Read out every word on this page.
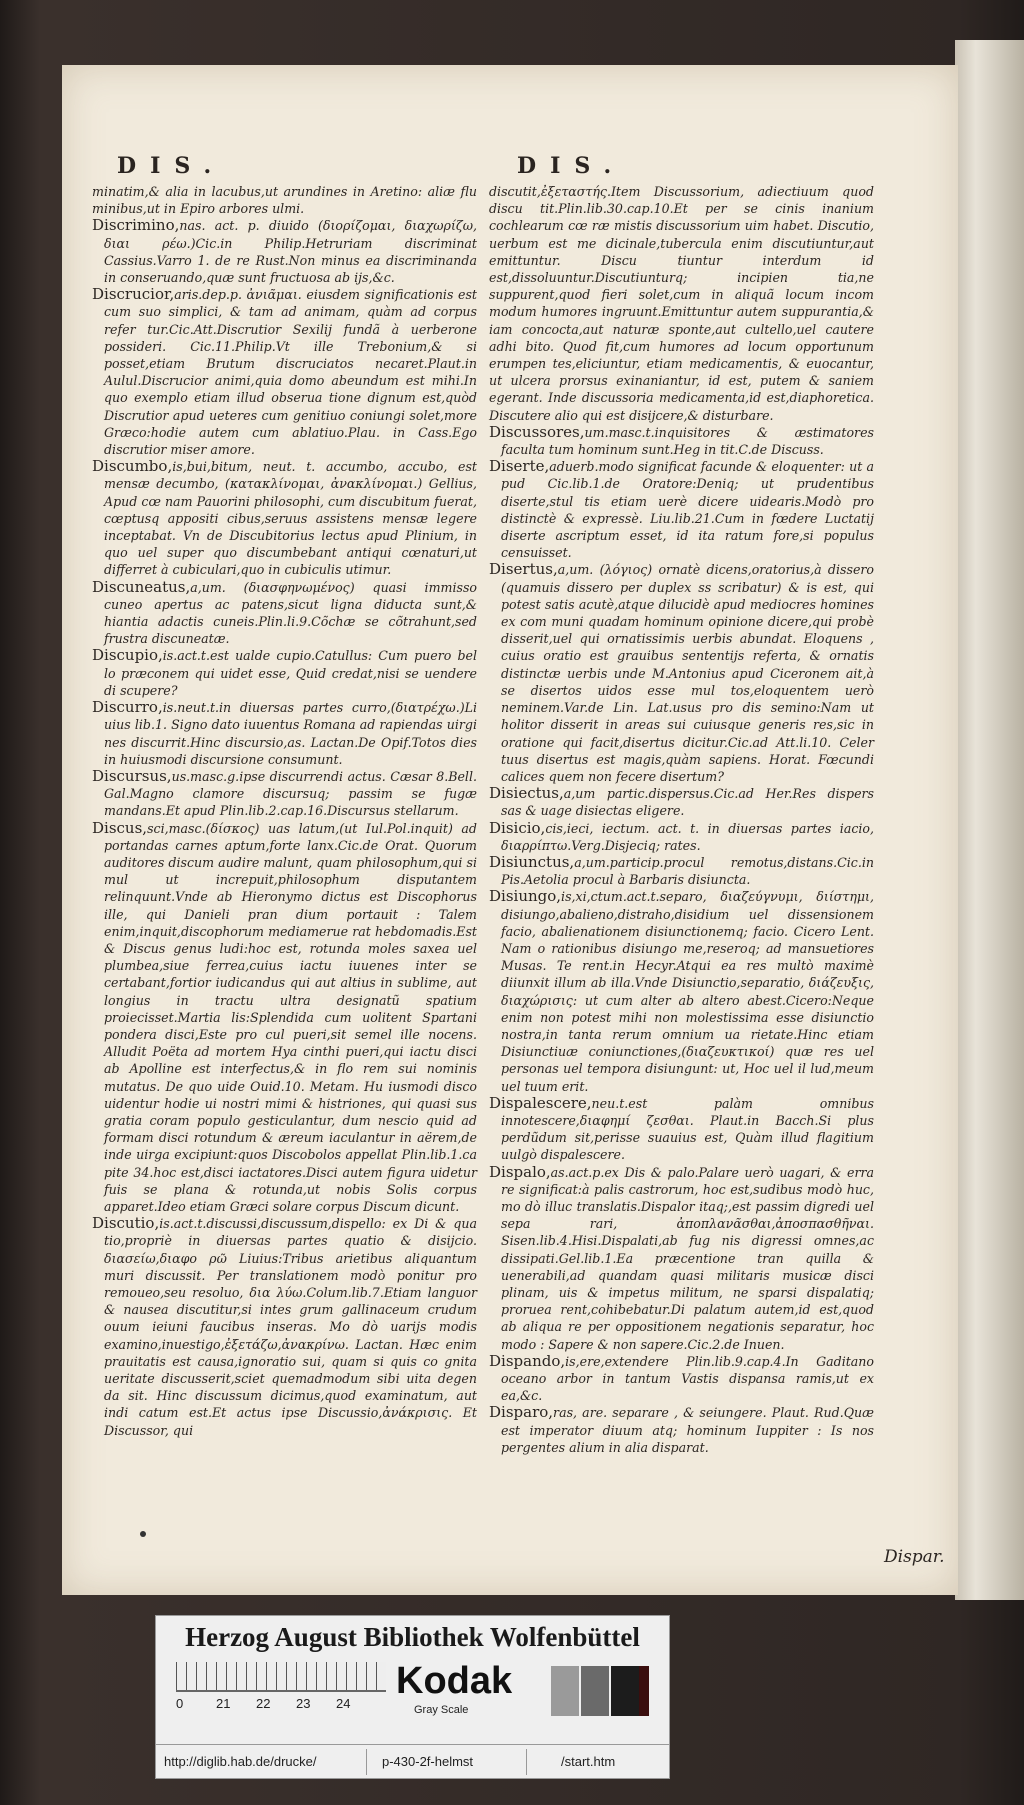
DIS.	DIS.
minatim,& alia in lacubus,ut arundines in Aretino: aliæ flu minibus,ut in Epiro arbores ulmi.
Discrimino,nas. act. p. diuido (διορίζομαι, διαχωρίζω, διαι ρέω.)Cic.in Philip.Hetruriam discriminat Cassius.Varro 1. de re Rust.Non minus ea discriminanda in conseruando,quæ sunt fructuosa ab ijs,&c.
Discrucior,aris.dep.p. ἀνιᾶμαι. eiusdem significationis est cum suo simplici, & tam ad animam, quàm ad corpus refer tur.Cic.Att.Discrutior Sexilij fundã à uerberone possideri. Cic.11.Philip.Vt ille Trebonium,& si posset,etiam Brutum discruciatos necaret.Plaut.in Aulul.Discrucior animi,quia domo abeundum est mihi.In quo exemplo etiam illud obserua tione dignum est,quòd Discrutior apud ueteres cum genitiuo coniungi solet,more Græco:hodie autem cum ablatiuo.Plau. in Cass.Ego discrutior miser amore.
Discumbo,is,bui,bitum, neut. t. accumbo, accubo, est mensæ decumbo, (κατακλίνομαι, ἀνακλίνομαι.) Gellius, Apud cœ nam Pauorini philosophi, cum discubitum fuerat, cœptusq appositi cibus,seruus assistens mensæ legere inceptabat. Vn de Discubitorius lectus apud Plinium, in quo uel super quo discumbebant antiqui cœnaturi,ut differret à cubiculari,quo in cubiculis utimur.
Discuneatus,a,um. (διασφηνωμένος) quasi immisso cuneo apertus ac patens,sicut ligna diducta sunt,& hiantia adactis cuneis.Plin.li.9.Cõchæ se cõtrahunt,sed frustra discuneatæ.
Discupio,is.act.t.est ualde cupio.Catullus: Cum puero bel lo præconem qui uidet esse, Quid credat,nisi se uendere di scupere?
Discurro,is.neut.t.in diuersas partes curro,(διατρέχω.)Li uius lib.1. Signo dato iuuentus Romana ad rapiendas uirgi nes discurrit.Hinc discursio,as. Lactan.De Opif.Totos dies in huiusmodi discursione consumunt.
Discursus,us.masc.g.ipse discurrendi actus. Cæsar 8.Bell. Gal.Magno clamore discursuq; passim se fugæ mandans.Et apud Plin.lib.2.cap.16.Discursus stellarum.
Discus,sci,masc.(δίσκος) uas latum,(ut Iul.Pol.inquit) ad portandas carnes aptum,forte lanx.Cic.de Orat. Quorum auditores discum audire malunt, quam philosophum,qui si mul ut increpuit,philosophum disputantem relinquunt.Vnde ab Hieronymo dictus est Discophorus ille, qui Danieli pran dium portauit : Talem enim,inquit,discophorum mediamerue rat hebdomadis.Est & Discus genus ludi:hoc est, rotunda moles saxea uel plumbea,siue ferrea,cuius iactu iuuenes inter se certabant,fortior iudicandus qui aut altius in sublime, aut longius in tractu ultra designatũ spatium proiecisset.Martia lis:Splendida cum uolitent Spartani pondera disci,Este pro cul pueri,sit semel ille nocens. Alludit Poëta ad mortem Hya cinthi pueri,qui iactu disci ab Apolline est interfectus,& in flo rem sui nominis mutatus. De quo uide Ouid.10. Metam. Hu iusmodi disco uidentur hodie ui nostri mimi & histriones, qui quasi sus gratia coram populo gesticulantur, dum nescio quid ad formam disci rotundum & æreum iaculantur in aërem,de inde uirga excipiunt:quos Discobolos appellat Plin.lib.1.ca pite 34.hoc est,disci iactatores.Disci autem figura uidetur fuis se plana & rotunda,ut nobis Solis corpus apparet.Ideo etiam Græci solare corpus Discum dicunt.
Discutio,is.act.t.discussi,discussum,dispello: ex Di & qua tio,propriè in diuersas partes quatio & disijcio. διασείω,διαφο ρῶ Liuius:Tribus arietibus aliquantum muri discussit. Per translationem modò ponitur pro remoueo,seu resoluo, δια λύω.Colum.lib.7.Etiam languor & nausea discutitur,si intes grum gallinaceum crudum ouum ieiuni faucibus inseras. Mo dò uarijs modis examino,inuestigo,ἐξετάζω,ἀνακρίνω. Lactan. Hæc enim prauitatis est causa,ignoratio sui, quam si quis co gnita ueritate discusserit,sciet quemadmodum sibi uita degen da sit. Hinc discussum dicimus,quod examinatum, aut indi catum est.Et actus ipse Discussio,ἀνάκρισις. Et Discussor, qui
discutit,ἐξεταστής.Item Discussorium, adiectiuum quod discu tit.Plin.lib.30.cap.10.Et per se cinis inanium cochlearum cœ ræ mistis discussorium uim habet. Discutio, uerbum est me dicinale,tubercula enim discutiuntur,aut emittuntur. Discu tiuntur interdum id est,dissoluuntur.Discutiunturq; incipien tia,ne suppurent,quod fieri solet,cum in aliquã locum incom modum humores ingruunt.Emittuntur autem suppurantia,& iam concocta,aut naturæ sponte,aut cultello,uel cautere adhi bito. Quod fit,cum humores ad locum opportunum erumpen tes,eliciuntur, etiam medicamentis, & euocantur, ut ulcera prorsus exinaniantur, id est, putem & saniem egerant. Inde discussoria medicamenta,id est,diaphoretica. Discutere alio qui est disijcere,& disturbare.
Discussores,um.masc.t.inquisitores & æstimatores faculta tum hominum sunt.Heg in tit.C.de Discuss.
Diserte,aduerb.modo significat facunde & eloquenter: ut a pud Cic.lib.1.de Oratore:Deniq; ut prudentibus diserte,stul tis etiam uerè dicere uidearis.Modò pro distinctè & expressè. Liu.lib.21.Cum in fœdere Luctatij diserte ascriptum esset, id ita ratum fore,si populus censuisset.
Disertus,a,um. (λόγιος) ornatè dicens,oratorius,à dissero (quamuis dissero per duplex ss scribatur) & is est, qui potest satis acutè,atque dilucidè apud mediocres homines ex com muni quadam hominum opinione dicere,qui probè disserit,uel qui ornatissimis uerbis abundat. Eloquens , cuius oratio est grauibus sententijs referta, & ornatis distinctæ uerbis unde M.Antonius apud Ciceronem ait,à se disertos uidos esse mul tos,eloquentem uerò neminem.Var.de Lin. Lat.usus pro dis semino:Nam ut holitor disserit in areas sui cuiusque generis res,sic in oratione qui facit,disertus dicitur.Cic.ad Att.li.10. Celer tuus disertus est magis,quàm sapiens. Horat. Fœcundi calices quem non fecere disertum?
Disiectus,a,um partic.dispersus.Cic.ad Her.Res dispers sas & uage disiectas eligere.
Disicio,cis,ieci, iectum. act. t. in diuersas partes iacio, διαρρίπτω.Verg.Disjeciq; rates.
Disiunctus,a,um.particip.procul remotus,distans.Cic.in Pis.Aetolia procul à Barbaris disiuncta.
Disiungo,is,xi,ctum.act.t.separo, διαζεύγνυμι, διίστημι, disiungo,abalieno,distraho,disidium uel dissensionem facio, abalienationem disiunctionemq; facio. Cicero Lent. Nam o rationibus disiungo me,reseroq; ad mansuetiores Musas. Te rent.in Hecyr.Atqui ea res multò maximè diiunxit illum ab illa.Vnde Disiunctio,separatio, διάζευξις, διαχώρισις: ut cum alter ab altero abest.Cicero:Neque enim non potest mihi non molestissima esse disiunctio nostra,in tanta rerum omnium ua rietate.Hinc etiam Disiunctiuæ coniunctiones,(διαζευκτικοί) quæ res uel personas uel tempora disiungunt: ut, Hoc uel il lud,meum uel tuum erit.
Dispalescere,neu.t.est palàm omnibus innotescere,διαφημί ζεσθαι. Plaut.in Bacch.Si plus perdũdum sit,perisse suauius est, Quàm illud flagitium uulgò dispalescere.
Dispalo,as.act.p.ex Dis & palo.Palare uerò uagari, & erra re significat:à palis castrorum, hoc est,sudibus modò huc, mo dò illuc translatis.Dispalor itaq;,est passim digredi uel sepa rari, ἀποπλανᾶσθαι,ἀποσπασθῆναι. Sisen.lib.4.Hisi.Dispalati,ab fug nis digressi omnes,ac dissipati.Gel.lib.1.Ea præcentione tran quilla & uenerabili,ad quandam quasi militaris musicæ disci plinam, uis & impetus militum, ne sparsi dispalatiq; proruea rent,cohibebatur.Di palatum autem,id est,quod ab aliqua re per oppositionem negationis separatur, hoc modo : Sapere & non sapere.Cic.2.de Inuen.
Dispando,is,ere,extendere Plin.lib.9.cap.4.In Gaditano oceano arbor in tantum Vastis dispansa ramis,ut ex ea,&c.
Disparo,ras, are. separare , & seiungere. Plaut. Rud.Quæ est imperator diuum atq; hominum Iuppiter : Is nos pergentes alium in alia disparat.
Dispar.
Herzog August Bibliothek Wolfenbüttel
0	21 22 23 24
Kodak
Gray Scale
http://diglib.hab.de/drucke/	p-430-2f-helmst	/start.htm
